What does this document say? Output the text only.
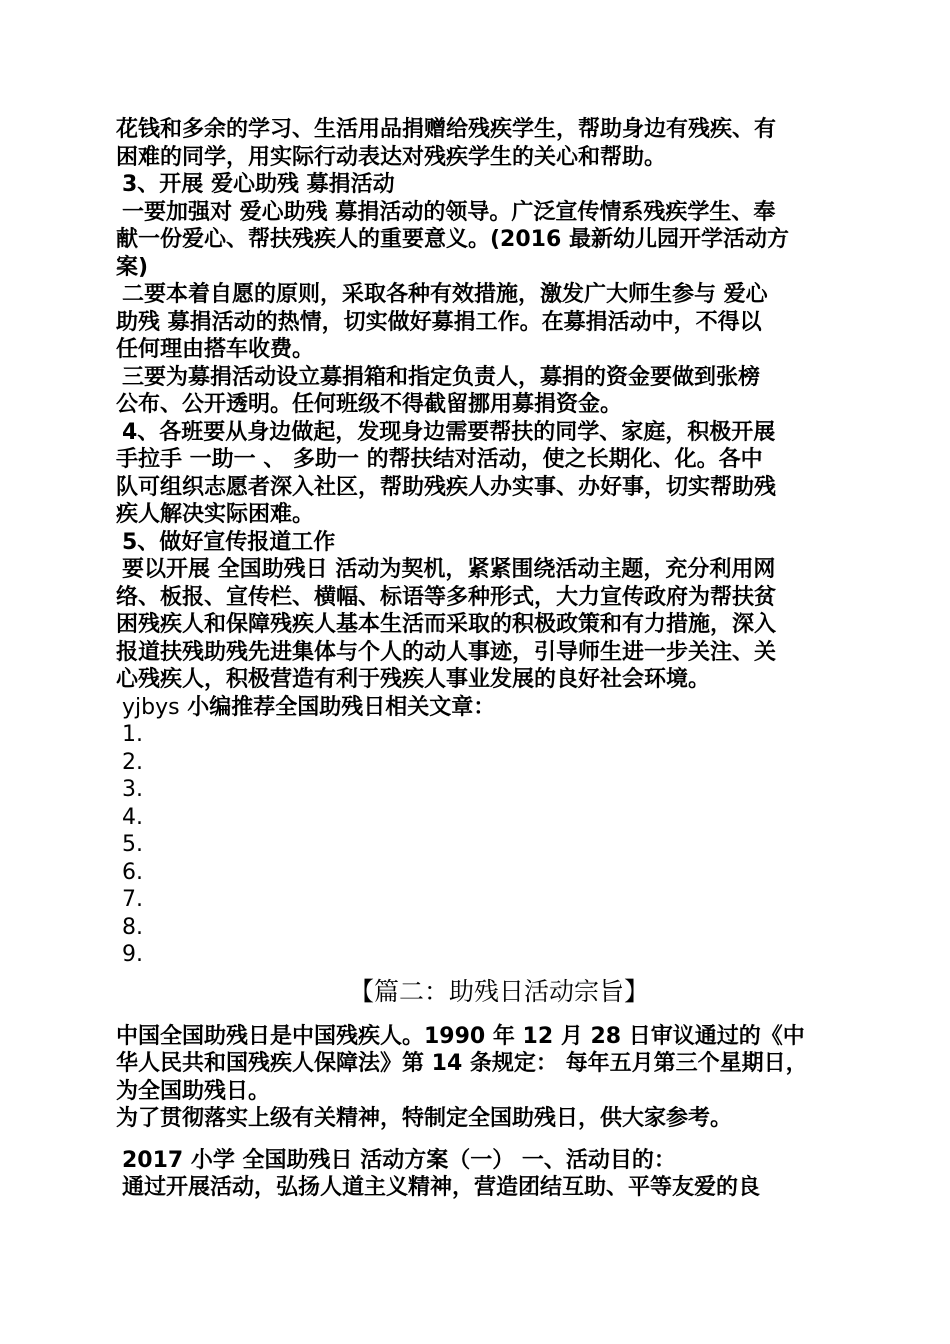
花钱和多余的学习、生活用品捐赠给残疾学生，帮助身边有残疾、有

困难的同学，用实际行动表达对残疾学生的关心和帮助。

3、开展 爱心助残 募捐活动

一要加强对 爱心助残 募捐活动的领导。广泛宣传情系残疾学生、奉

献一份爱心、帮扶残疾人的重要意义。(2016 最新幼儿园开学活动方

案)

二要本着自愿的原则，采取各种有效措施，激发广大师生参与 爱心

助残 募捐活动的热情，切实做好募捐工作。在募捐活动中，不得以

任何理由搭车收费。

三要为募捐活动设立募捐箱和指定负责人，募捐的资金要做到张榜

公布、公开透明。任何班级不得截留挪用募捐资金。

4、各班要从身边做起，发现身边需要帮扶的同学、家庭，积极开展

手拉手 一助一 、 多助一 的帮扶结对活动，使之长期化、化。各中

队可组织志愿者深入社区，帮助残疾人办实事、办好事，切实帮助残

疾人解决实际困难。

5、做好宣传报道工作

要以开展 全国助残日 活动为契机，紧紧围绕活动主题，充分利用网

络、板报、宣传栏、横幅、标语等多种形式，大力宣传政府为帮扶贫

困残疾人和保障残疾人基本生活而采取的积极政策和有力措施，深入

报道扶残助残先进集体与个人的动人事迹，引导师生进一步关注、关

心残疾人，积极营造有利于残疾人事业发展的良好社会环境。

yjbys 小编推荐全国助残日相关文章：

1.

2.

3.

4.

5.

6.

7.

8.

9.

【篇二：助残日活动宗旨】

中国全国助残日是中国残疾人。1990 年 12 月 28 日审议通过的《中

华人民共和国残疾人保障法》第 14 条规定： 每年五月第三个星期日，

为全国助残日。

为了贯彻落实上级有关精神，特制定全国助残日，供大家参考。

2017 小学 全国助残日 活动方案（一） 一、活动目的：

通过开展活动，弘扬人道主义精神，营造团结互助、平等友爱的良
